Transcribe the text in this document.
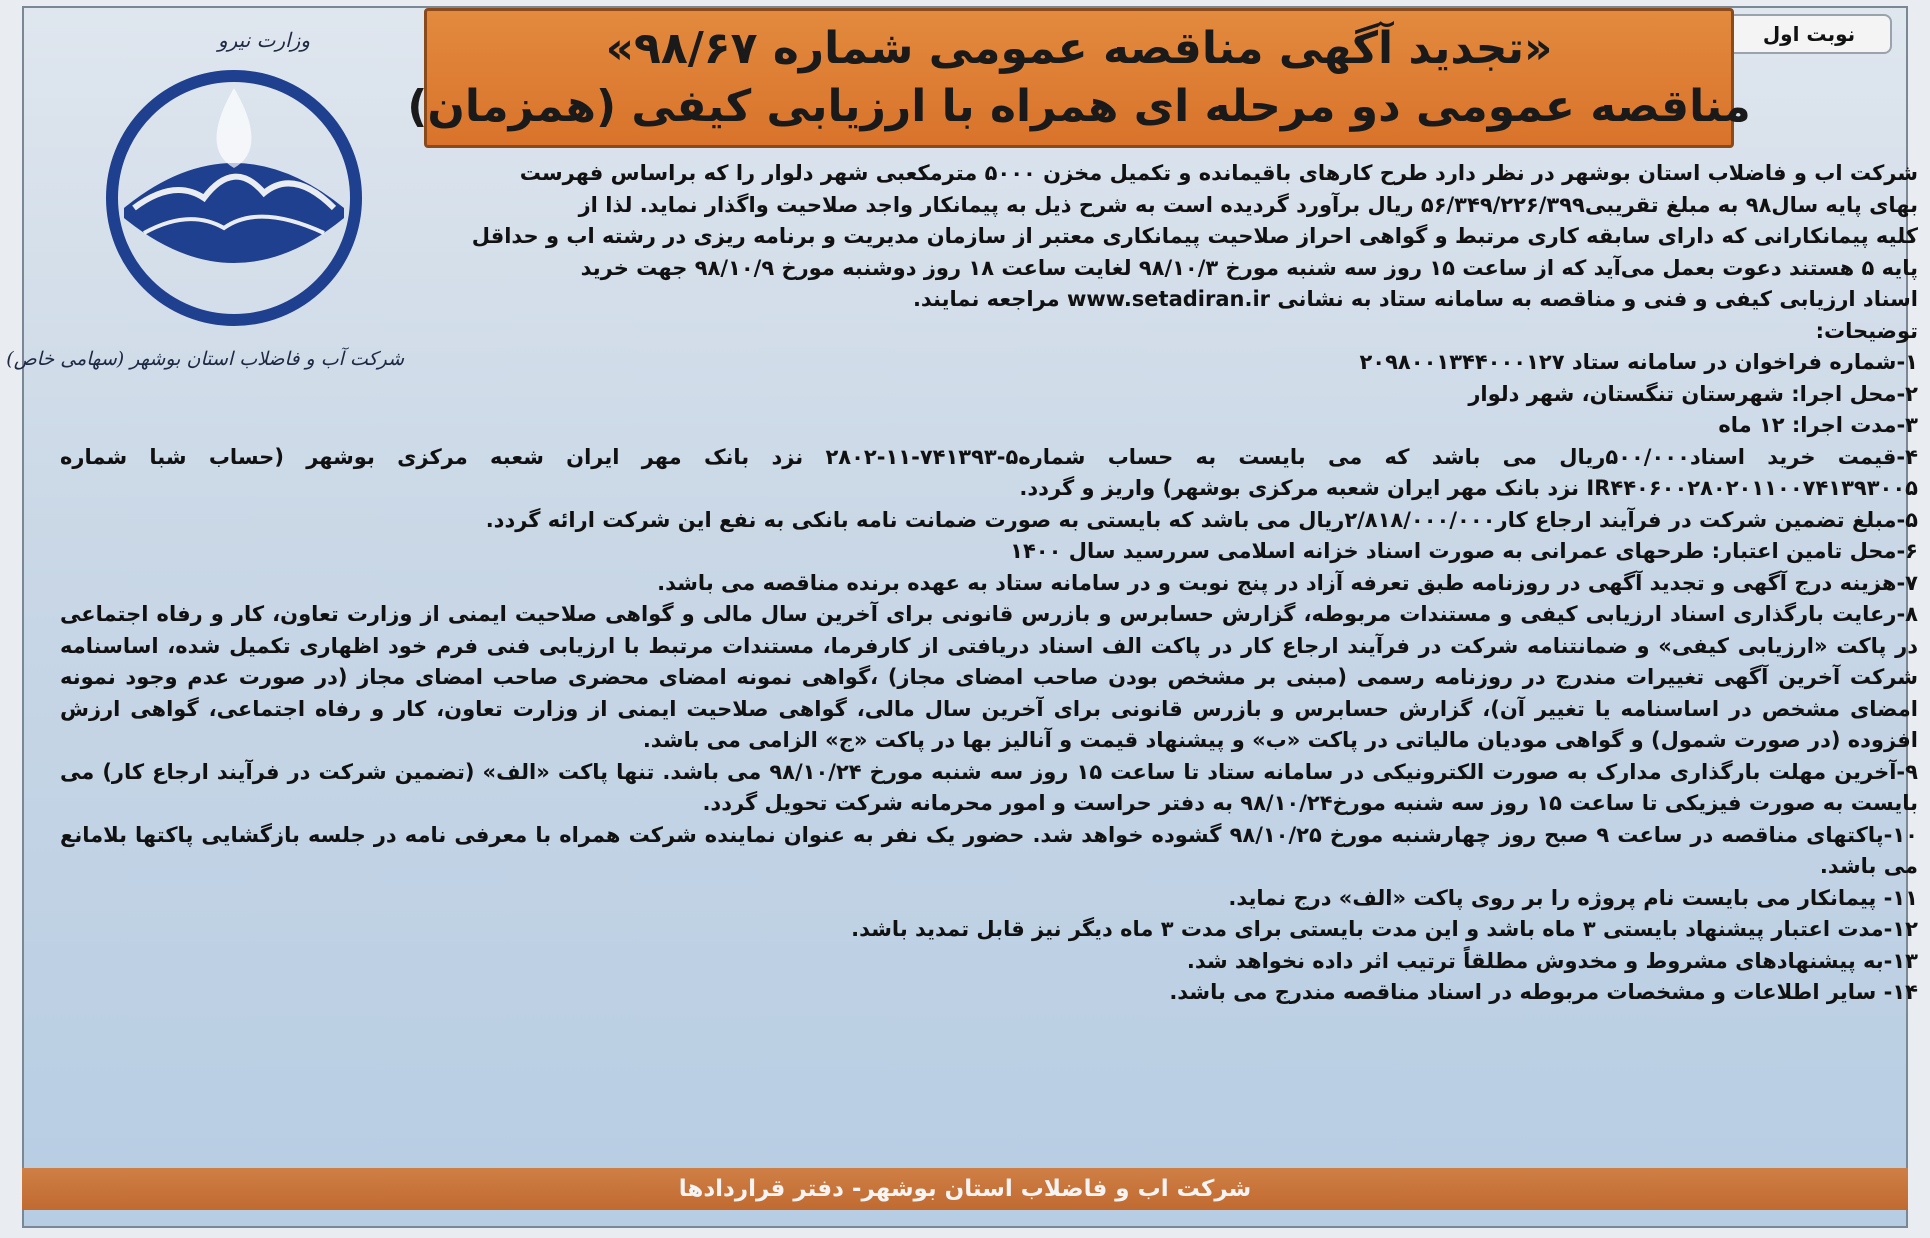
نوبت اول
«تجدید آگهی مناقصه عمومی شماره ۹۸/۶۷»
مناقصه عمومی دو مرحله ای همراه با ارزیابی کیفی (همزمان)
وزارت نیرو
شرکت آب و فاضلاب استان بوشهر (سهامی خاص)
شرکت اب و فاضلاب استان بوشهر در نظر دارد طرح کارهای باقیمانده و تکمیل مخزن ۵۰۰۰ مترمکعبی شهر دلوار را که براساس فهرست
بهای پایه سال۹۸ به مبلغ تقریبی۵۶/۳۴۹/۲۲۶/۳۹۹ ریال برآورد گردیده است به شرح ذیل به پیمانکار واجد صلاحیت واگذار نماید. لذا از
کلیه پیمانکارانی که دارای سابقه کاری مرتبط و گواهی احراز صلاحیت پیمانکاری معتبر از سازمان مدیریت و برنامه ریزی در رشته اب و حداقل
پایه ۵ هستند دعوت بعمل می‌آید که از ساعت ۱۵ روز سه شنبه مورخ ۹۸/۱۰/۳ لغایت ساعت ۱۸ روز دوشنبه مورخ ۹۸/۱۰/۹ جهت خرید
اسناد ارزیابی کیفی و فنی و مناقصه به سامانه ستاد به نشانی www.setadiran.ir مراجعه نمایند.

توضیحات:

۱-شماره فراخوان در سامانه ستاد ۲۰۹۸۰۰۱۳۴۴۰۰۰۱۲۷

۲-محل اجرا: شهرستان تنگستان، شهر دلوار

۳-مدت اجرا: ۱۲ ماه

۴-قیمت خرید اسناد۵۰۰/۰۰۰ریال می باشد که می بایست به حساب شماره۵-۷۴۱۳۹۳-۱۱-۲۸۰۲ نزد بانک مهر ایران شعبه مرکزی بوشهر (حساب شبا شماره IR۴۴۰۶۰۰۲۸۰۲۰۱۱۰۰۷۴۱۳۹۳۰۰۵ نزد بانک مهر ایران شعبه مرکزی بوشهر) واریز و گردد.

۵-مبلغ تضمین شرکت در فرآیند ارجاع کار۲/۸۱۸/۰۰۰/۰۰۰ریال می باشد که بایستی به صورت ضمانت نامه بانکی به نفع این شرکت ارائه گردد.

۶-محل تامین اعتبار: طرحهای عمرانی به صورت اسناد خزانه اسلامی سررسید سال ۱۴۰۰

۷-هزینه درج آگهی و تجدید آگهی در روزنامه طبق تعرفه آزاد در پنج نوبت و در سامانه ستاد به عهده برنده مناقصه می باشد.

۸-رعایت بارگذاری اسناد ارزیابی کیفی و مستندات مربوطه، گزارش حسابرس و بازرس قانونی برای آخرین سال مالی و گواهی صلاحیت ایمنی از وزارت تعاون، کار و رفاه اجتماعی در پاکت «ارزیابی کیفی» و ضمانتنامه شرکت در فرآیند ارجاع کار در پاکت الف اسناد دریافتی از کارفرما، مستندات مرتبط با ارزیابی فنی فرم خود اظهاری تکمیل شده، اساسنامه شرکت آخرین آگهی تغییرات مندرج در روزنامه رسمی (مبنی بر مشخص بودن صاحب امضای مجاز) ،گواهی نمونه امضای محضری صاحب امضای مجاز (در صورت عدم وجود نمونه امضای مشخص در اساسنامه یا تغییر آن)، گزارش حسابرس و بازرس قانونی برای آخرین سال مالی، گواهی صلاحیت ایمنی از وزارت تعاون، کار و رفاه اجتماعی، گواهی ارزش افزوده (در صورت شمول) و گواهی مودیان مالیاتی در پاکت «ب» و پیشنهاد قیمت و آنالیز بها در پاکت «ج» الزامی می باشد.

۹-آخرین مهلت بارگذاری مدارک به صورت الکترونیکی در سامانه ستاد تا ساعت ۱۵ روز سه شنبه مورخ ۹۸/۱۰/۲۴ می باشد. تنها پاکت «الف» (تضمین شرکت در فرآیند ارجاع کار) می بایست به صورت فیزیکی تا ساعت ۱۵ روز سه شنبه مورخ۹۸/۱۰/۲۴ به دفتر حراست و امور محرمانه شرکت تحویل گردد.

۱۰-پاکتهای مناقصه در ساعت ۹ صبح روز چهارشنبه مورخ ۹۸/۱۰/۲۵ گشوده خواهد شد. حضور یک نفر به عنوان نماینده شرکت همراه با معرفی نامه در جلسه بازگشایی پاکتها بلامانع می باشد.

۱۱- پیمانکار می بایست نام پروژه را بر روی پاکت «الف» درج نماید.

۱۲-مدت اعتبار پیشنهاد بایستی ۳ ماه باشد و این مدت بایستی برای مدت ۳ ماه دیگر نیز قابل تمدید باشد.

۱۳-به پیشنهادهای مشروط و مخدوش مطلقاً ترتیب اثر داده نخواهد شد.

۱۴- سایر اطلاعات و مشخصات مربوطه در اسناد مناقصه مندرج می باشد.

شرکت اب و فاضلاب استان بوشهر- دفتر قراردادها
